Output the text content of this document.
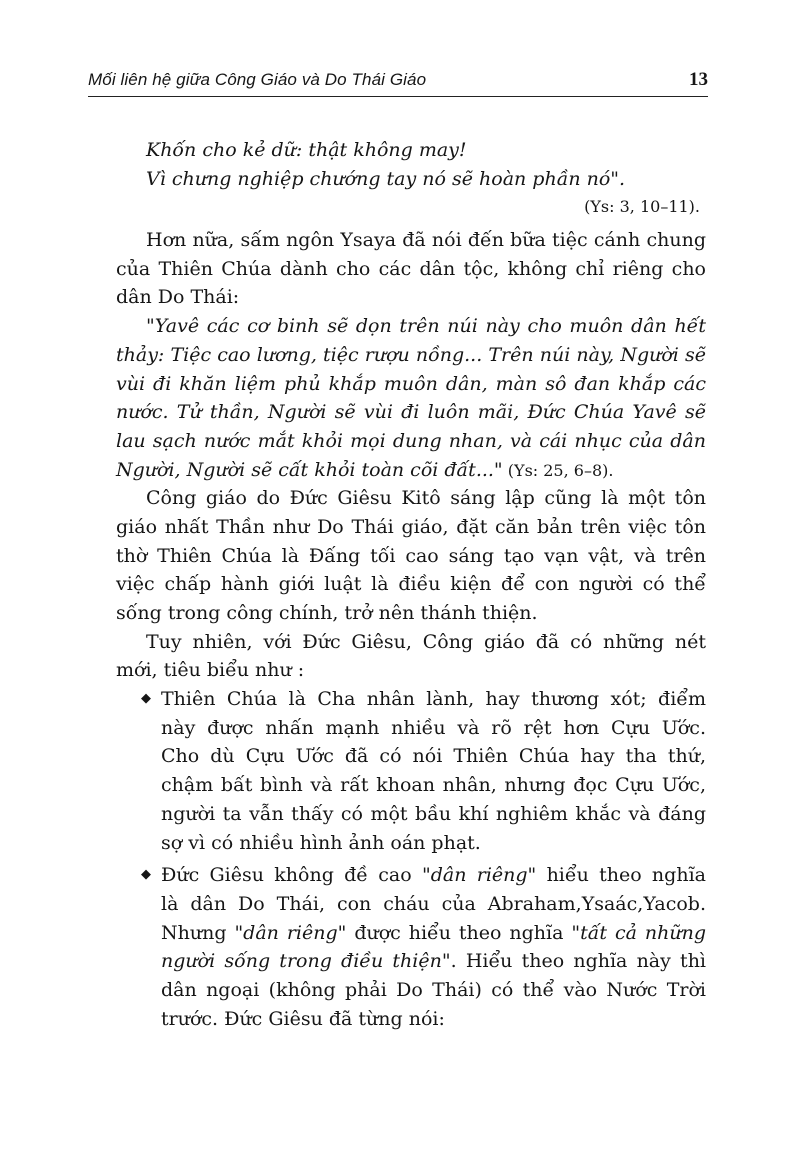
Mối liên hệ giữa Công Giáo và Do Thái Giáo	13
Khốn cho kẻ dữ: thật không may!
Vì chưng nghiệp chướng tay nó sẽ hoàn phần nó".
(Ys: 3, 10–11).
Hơn nữa, sấm ngôn Ysaya đã nói đến bữa tiệc cánh chung
của Thiên Chúa dành cho các dân tộc, không chỉ riêng cho
dân Do Thái:
"Yavê các cơ binh sẽ dọn trên núi này cho muôn dân hết
thảy: Tiệc cao lương, tiệc rượu nồng... Trên núi này, Người sẽ
vùi đi khăn liệm phủ khắp muôn dân, màn sô đan khắp các
nước. Tử thần, Người sẽ vùi đi luôn mãi, Đức Chúa Yavê sẽ
lau sạch nước mắt khỏi mọi dung nhan, và cái nhục của dân
Người, Người sẽ cất khỏi toàn cõi đất..." (Ys: 25, 6–8).
Công giáo do Đức Giêsu Kitô sáng lập cũng là một tôn
giáo nhất Thần như Do Thái giáo, đặt căn bản trên việc tôn
thờ Thiên Chúa là Đấng tối cao sáng tạo vạn vật, và trên
việc chấp hành giới luật là điều kiện để con người có thể
sống trong công chính, trở nên thánh thiện.
Tuy nhiên, với Đức Giêsu, Công giáo đã có những nét
mới, tiêu biểu như :
◆ Thiên Chúa là Cha nhân lành, hay thương xót; điểm
này được nhấn mạnh nhiều và rõ rệt hơn Cựu Ước.
Cho dù Cựu Ước đã có nói Thiên Chúa hay tha thứ,
chậm bất bình và rất khoan nhân, nhưng đọc Cựu Ước,
người ta vẫn thấy có một bầu khí nghiêm khắc và đáng
sợ vì có nhiều hình ảnh oán phạt.
◆ Đức Giêsu không đề cao "dân riêng" hiểu theo nghĩa
là dân Do Thái, con cháu của Abraham,Ysaác,Yacob.
Nhưng "dân riêng" được hiểu theo nghĩa "tất cả những
người sống trong điều thiện". Hiểu theo nghĩa này thì
dân ngoại (không phải Do Thái) có thể vào Nước Trời
trước. Đức Giêsu đã từng nói:
